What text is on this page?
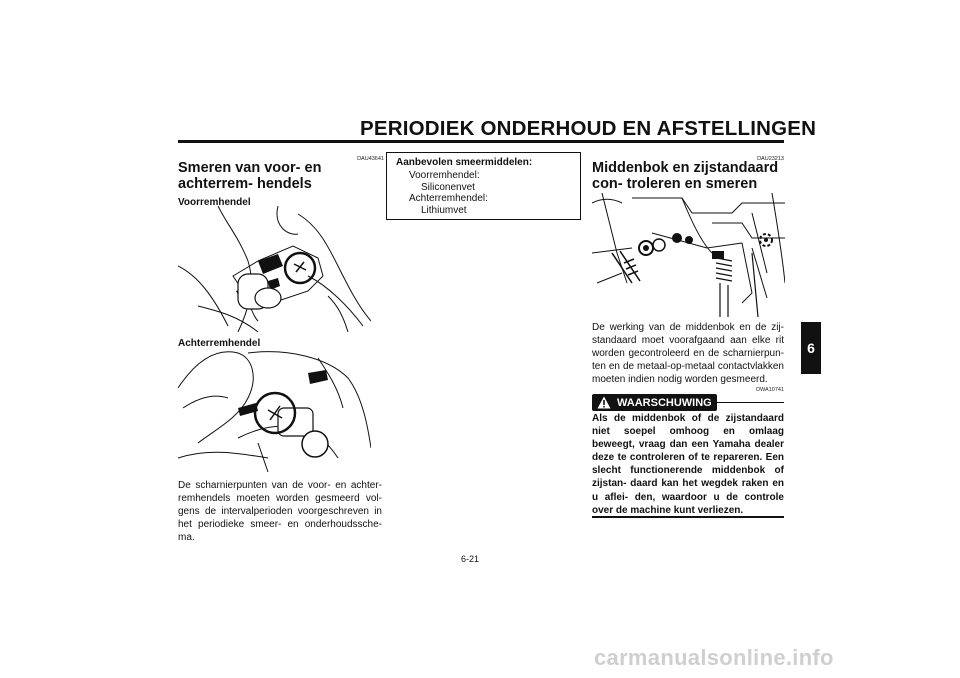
PERIODIEK ONDERHOUD EN AFSTELLINGEN
DAU43641
Smeren van voor- en achterrem- hendels
Voorremhendel
Achterremhendel
De scharnierpunten van de voor- en achter- remhendels moeten worden gesmeerd vol- gens de intervalperioden voorgeschreven in het periodieke smeer- en onderhoudssche- ma.
Aanbevolen smeermiddelen:
Voorremhendel:
Siliconenvet
Achterremhendel:
Lithiumvet
DAU23213
Middenbok en zijstandaard con- troleren en smeren
De werking van de middenbok en de zij- standaard moet voorafgaand aan elke rit worden gecontroleerd en de scharnierpun- ten en de metaal-op-metaal contactvlakken moeten indien nodig worden gesmeerd.
DWA10741
WAARSCHUWING
Als de middenbok of de zijstandaard niet soepel omhoog en omlaag beweegt, vraag dan een Yamaha dealer deze te controleren of te repareren. Een slecht functionerende middenbok of zijstan- daard kan het wegdek raken en u aflei- den, waardoor u de controle over de machine kunt verliezen.
6
6-21
carmanualsonline.info
